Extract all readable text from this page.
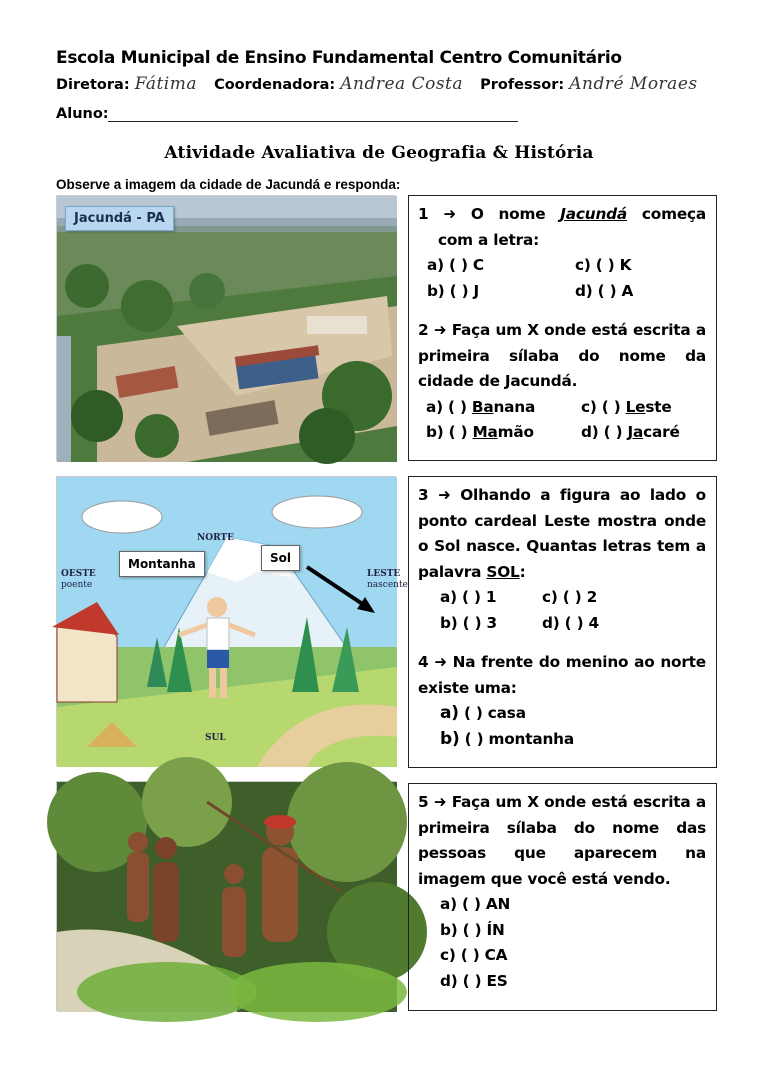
Escola Municipal de Ensino Fundamental Centro Comunitário
Diretora: Fátima Coordenadora: Andrea Costa Professor: André Moraes
Aluno:
Atividade Avaliativa de Geografia & História
Observe a imagem da cidade de Jacundá e responda:
Jacundá - PA
NORTE
SUL
OESTE
poente
LESTE
nascente
Montanha	Sol
1 ➜ O nome Jacundá começa
com a letra:
a) ( ) C	c) ( ) K
b) ( ) J	d) ( ) A
2 ➜ Faça um X onde está escrita a primeira sílaba do nome da cidade de Jacundá.
a) ( ) Banana	c) ( ) Leste
b) ( ) Mamão	d) ( ) Jacaré
3 ➜ Olhando a figura ao lado o ponto cardeal Leste mostra onde o Sol nasce. Quantas letras tem a palavra SOL:
a) ( ) 1	c) ( ) 2
b) ( ) 3	d) ( ) 4
4 ➜ Na frente do menino ao norte existe uma:
a) ( ) casa
b) ( ) montanha
5 ➜ Faça um X onde está escrita a primeira sílaba do nome das pessoas que aparecem na imagem que você está vendo.
a) ( ) AN
b) ( ) ÍN
c) ( ) CA
d) ( ) ES
